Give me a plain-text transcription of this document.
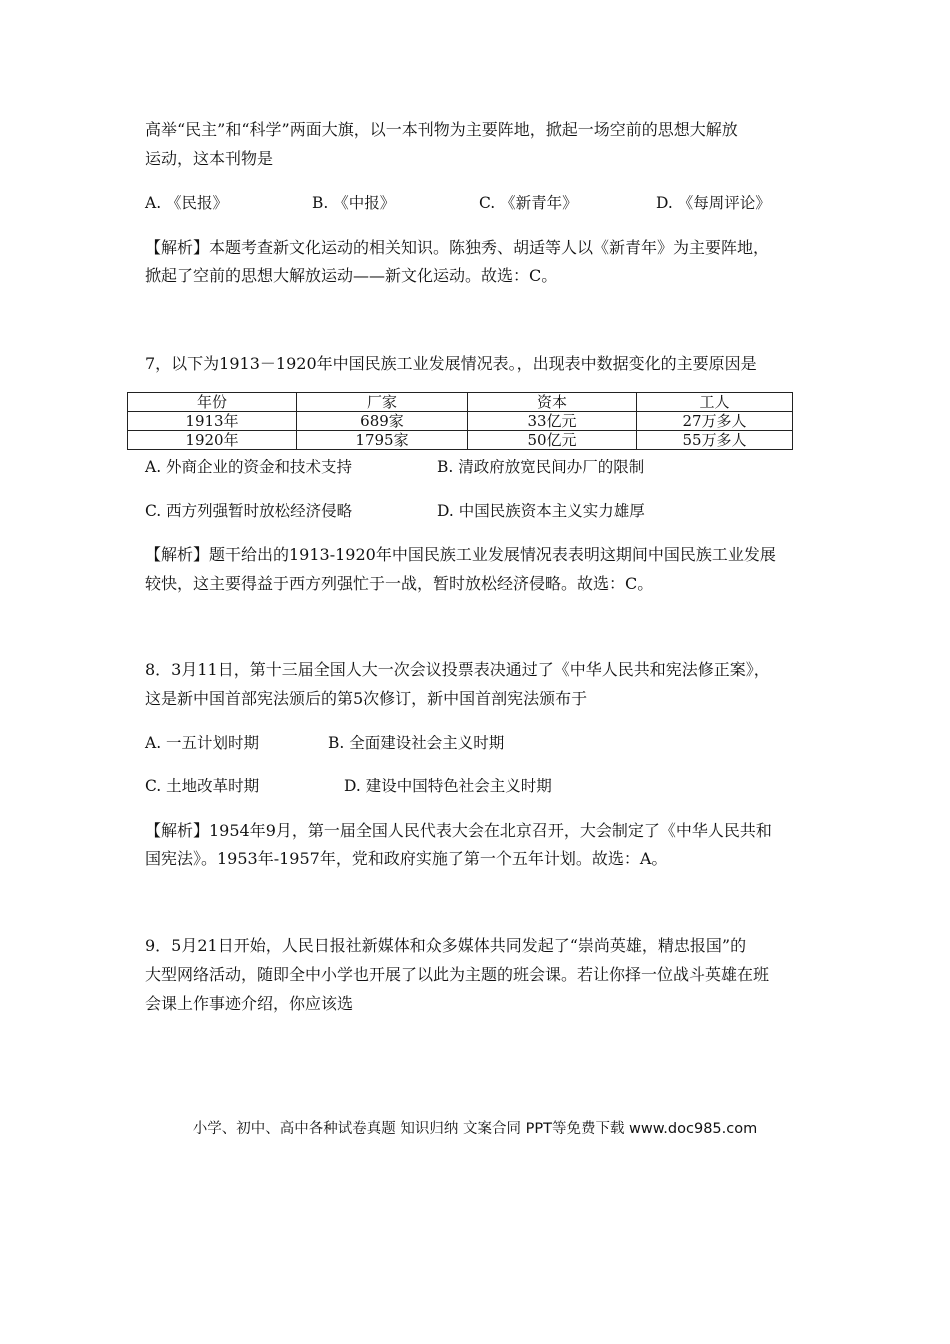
高举“民主”和“科学”两面大旗，以一本刊物为主要阵地，掀起一场空前的思想大解放
运动，这本刊物是
A. 《民报》	B. 《中报》	C. 《新青年》	D. 《每周评论》
【解析】本题考查新文化运动的相关知识。陈独秀、胡适等人以《新青年》为主要阵地，
掀起了空前的思想大解放运动——新文化运动。故选：C。
7，以下为1913－1920年中国民族工业发展情况表。，出现表中数据变化的主要原因是
年份	厂家	资本	工人
1913年	689家	33亿元	27万多人
1920年	1795家	50亿元	55万多人
A. 外商企业的资金和技术支持	B. 清政府放宽民间办厂的限制
C. 西方列强暂时放松经济侵略	D. 中国民族资本主义实力雄厚
【解析】题干给出的1913-1920年中国民族工业发展情况表表明这期间中国民族工业发展
较快，这主要得益于西方列强忙于一战，暂时放松经济侵略。故选：C。
8．3月11日，第十三届全国人大一次会议投票表决通过了《中华人民共和宪法修正案》，
这是新中国首部宪法颁后的第5次修订，新中国首剖宪法颁布于
A. 一五计划时期	B. 全面建设社会主义时期
C. 土地改革时期	D. 建设中国特色社会主义时期
【解析】1954年9月，第一届全国人民代表大会在北京召开，大会制定了《中华人民共和
国宪法》。1953年-1957年，党和政府实施了第一个五年计划。故选：A。
9．5月21日开始，人民日报社新媒体和众多媒体共同发起了“崇尚英雄，精忠报国”的
大型网络活动，随即全中小学也开展了以此为主题的班会课。若让你择一位战斗英雄在班
会课上作事迹介绍，你应该选
小学、初中、高中各种试卷真题 知识归纳 文案合同 PPT等免费下载 www.doc985.com
